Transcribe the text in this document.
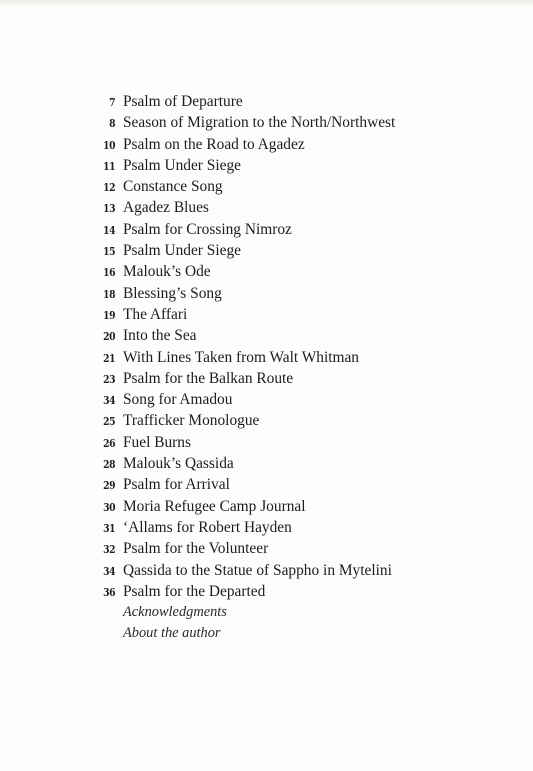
7 Psalm of Departure
8 Season of Migration to the North/Northwest
10 Psalm on the Road to Agadez
11 Psalm Under Siege
12 Constance Song
13 Agadez Blues
14 Psalm for Crossing Nimroz
15 Psalm Under Siege
16 Malouk’s Ode
18 Blessing’s Song
19 The Affari
20 Into the Sea
21 With Lines Taken from Walt Whitman
23 Psalm for the Balkan Route
34 Song for Amadou
25 Trafficker Monologue
26 Fuel Burns
28 Malouk’s Qassida
29 Psalm for Arrival
30 Moria Refugee Camp Journal
31 ‘Allams for Robert Hayden
32 Psalm for the Volunteer
34 Qassida to the Statue of Sappho in Mytelini
36 Psalm for the Departed
Acknowledgments
About the author
